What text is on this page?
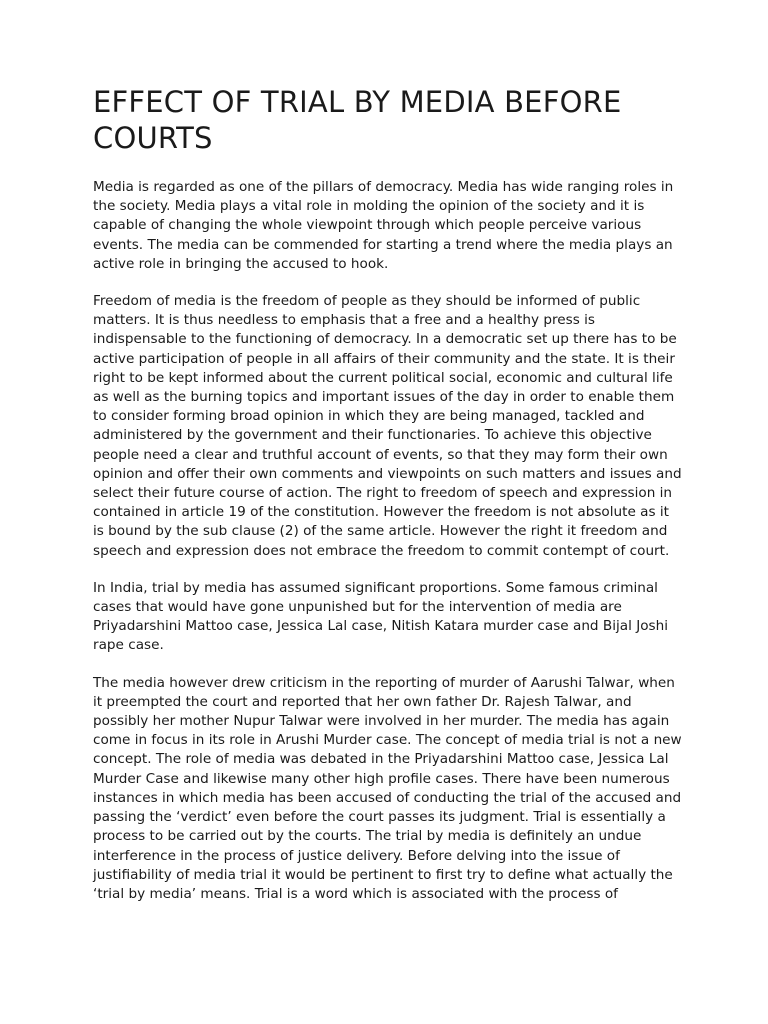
EFFECT OF TRIAL BY MEDIA BEFORE COURTS

Media is regarded as one of the pillars of democracy. Media has wide ranging roles in the society. Media plays a vital role in molding the opinion of the society and it is capable of changing the whole viewpoint through which people perceive various events. The media can be commended for starting a trend where the media plays an active role in bringing the accused to hook.

Freedom of media is the freedom of people as they should be informed of public matters. It is thus needless to emphasis that a free and a healthy press is indispensable to the functioning of democracy. In a democratic set up there has to be active participation of people in all affairs of their community and the state. It is their right to be kept informed about the current political social, economic and cultural life as well as the burning topics and important issues of the day in order to enable them to consider forming broad opinion in which they are being managed, tackled and administered by the government and their functionaries. To achieve this objective people need a clear and truthful account of events, so that they may form their own opinion and offer their own comments and viewpoints on such matters and issues and select their future course of action. The right to freedom of speech and expression in contained in article 19 of the constitution. However the freedom is not absolute as it is bound by the sub clause (2) of the same article. However the right it freedom and speech and expression does not embrace the freedom to commit contempt of court.

In India, trial by media has assumed significant proportions. Some famous criminal cases that would have gone unpunished but for the intervention of media are Priyadarshini Mattoo case, Jessica Lal case, Nitish Katara murder case and Bijal Joshi rape case.

The media however drew criticism in the reporting of murder of Aarushi Talwar, when it preempted the court and reported that her own father Dr. Rajesh Talwar, and possibly her mother Nupur Talwar were involved in her murder. The media has again come in focus in its role in Arushi Murder case. The concept of media trial is not a new concept. The role of media was debated in the Priyadarshini Mattoo case, Jessica Lal Murder Case and likewise many other high profile cases. There have been numerous instances in which media has been accused of conducting the trial of the accused and passing the ‘verdict’ even before the court passes its judgment. Trial is essentially a process to be carried out by the courts. The trial by media is definitely an undue interference in the process of justice delivery. Before delving into the issue of justifiability of media trial it would be pertinent to first try to define what actually the ‘trial by media’ means. Trial is a word which is associated with the process of
